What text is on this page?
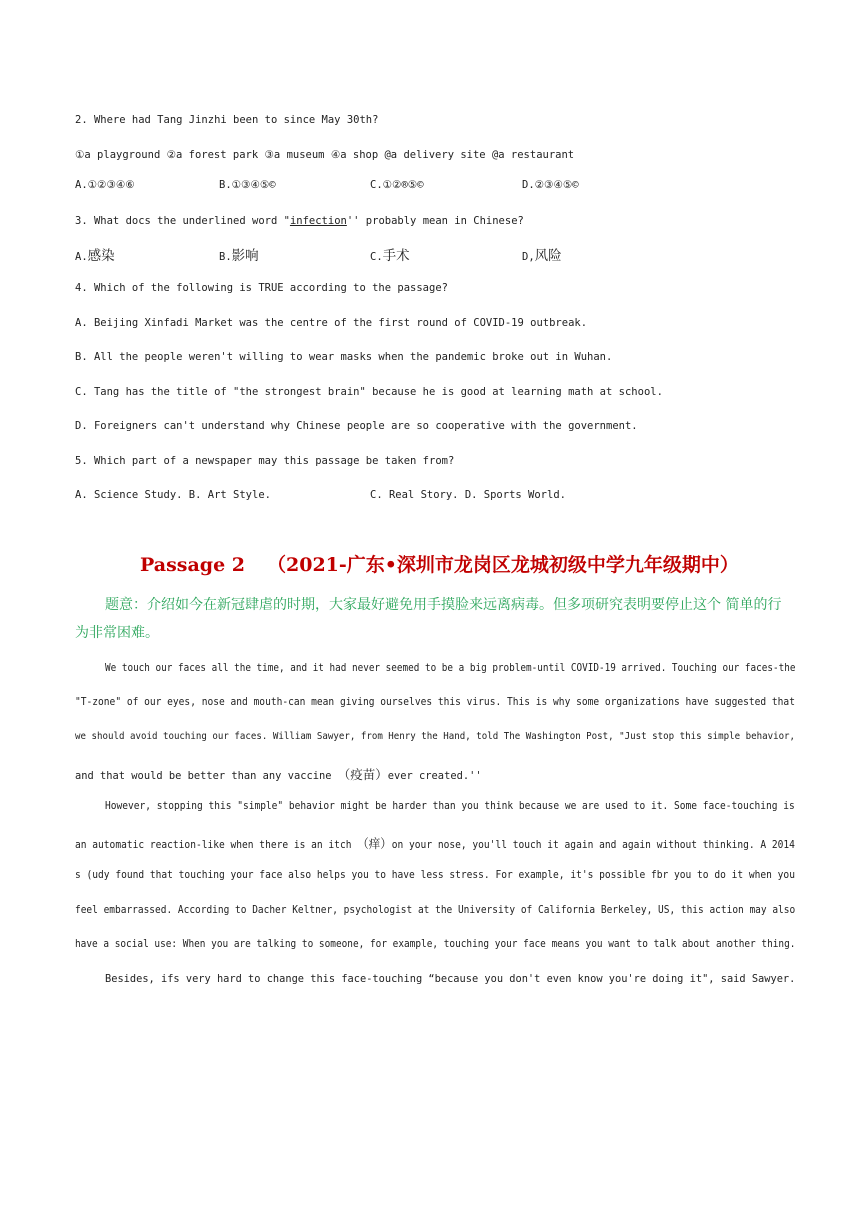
2. Where had Tang Jinzhi been to since May 30th?
①a playground ②a forest park ③a museum ④a shop @a delivery site @a restaurant
A.①②③④⑥	B.①③④⑤©	C.①②®⑤©	D.②③④⑤©
3. What docs the underlined word "infection'' probably mean in Chinese?
A.感染	B.影响	C.手术	D,风险
4. Which of the following is TRUE according to the passage?
A. Beijing Xinfadi Market was the centre of the first round of COVID-19 outbreak.
B. All the people weren't willing to wear masks when the pandemic broke out in Wuhan.
C. Tang has the title of "the strongest brain" because he is good at learning math at school.
D. Foreigners can't understand why Chinese people are so cooperative with the government.
5. Which part of a newspaper may this passage be taken from?
A. Science Study. B. Art Style.	C. Real Story. D. Sports World.
Passage 2 （2021-广东•深圳市龙岗区龙城初级中学九年级期中）
题意：介绍如今在新冠肆虐的时期，大家最好避免用手摸脸来远离病毒。但多项研究表明要停止这个 简单的行为非常困难。
We touch our faces all the time, and it had never seemed to be a big problem-until COVID-19 arrived. Touching our faces-the
"T-zone" of our eyes, nose and mouth-can mean giving ourselves this virus. This is why some organizations have suggested that
we should avoid touching our faces. William Sawyer, from Henry the Hand, told The Washington Post, "Just stop this simple behavior,
and that would be better than any vaccine （疫苗）ever created.''
However, stopping this "simple" behavior might be harder than you think because we are used to it. Some face-touching is
an automatic reaction-like when there is an itch （痒）on your nose, you'll touch it again and again without thinking. A 2014
s (udy found that touching your face also helps you to have less stress. For example, it's possible fbr you to do it when you
feel embarrassed. According to Dacher Keltner, psychologist at the University of California Berkeley, US, this action may also
have a social use: When you are talking to someone, for example, touching your face means you want to talk about another thing.
Besides, ifs very hard to change this face-touching “because you don't even know you're doing it", said Sawyer.
